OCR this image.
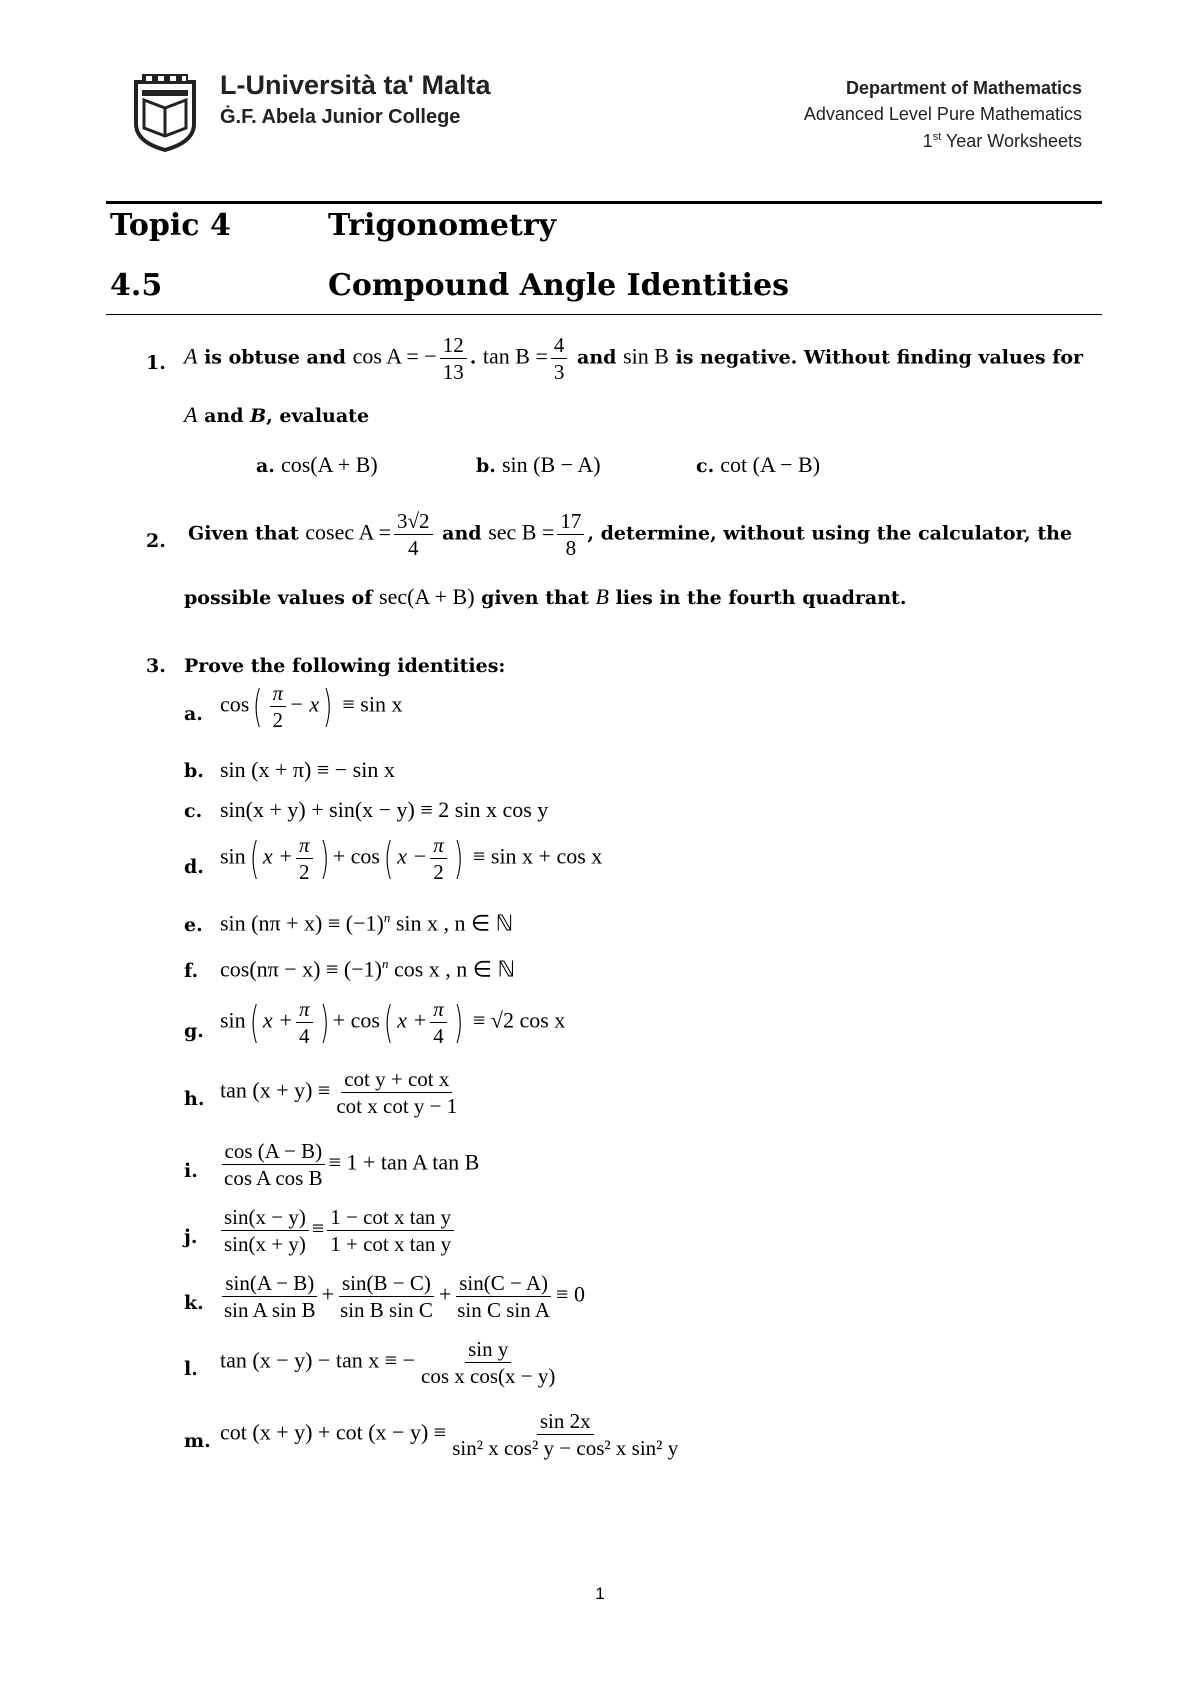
L-Università ta' Malta
Ġ.F. Abela Junior College
Department of Mathematics
Advanced Level Pure Mathematics
1st Year Worksheets
Topic 4	Trigonometry
4.5	Compound Angle Identities
1. A is obtuse and cos A = − $\frac{12}{13}$ . $\tan B = \frac{4}{3}$ and sin B is negative. Without finding values for
A and B, evaluate
a. cos(A + B)	b. sin (B − A)	c. cot (A − B)
2. Given that cosec $A = \frac{3√2}{4}$ and $\sec B = \frac{17}{8}$ , determine, without using the calculator, the
possible values of sec(A + B) given that B lies in the fourth quadrant.
3. Prove the following identities:
a. $\cos( \frac{\pi}{2} - x) \equiv \sin x$
b. sin (x + π) ≡ − sin x
c. sin(x + y) + sin(x − y) ≡ 2 sin x cos y
d. sin( $x + \frac{\pi}{2}$ ) + cos( $x - \frac{\pi}{2}$ ) ≡ sin x + cos x
e. $\sin (n\pi + x) \equiv (-1)^n$ sin x , n ∈ ℕ
f. $\cos(n\pi - x) \equiv (-1)^n$ cos x , n ∈ ℕ
g. sin( $x + \frac{\pi}{4}$ ) + cos( $x + \frac{\pi}{4}$ ) ≡ √2 cos x
h. $\tan (x + y) \equiv \frac{\text{cot y + cot x}}{\text{cot x cot y − 1}}$
i. $\frac{\cos (A - B)}{\text{cos A cos B}} \equiv 1 + \tan A$ tan B
j. $\frac{\sin(x - y)}{\sin(x + y)} \equiv \frac{\text{1 − cot x tan y}}{\text{1 + cot x tan y}}$
k. $\frac{\sin(A - B)}{\text{sin A sin B}} + \frac{\sin(B - C)}{\text{sin B sin C}} + \frac{\sin(C - A)}{\text{sin C sin A}} \equiv 0$
l. tan (x − y) − tan x ≡ − $\frac{\text{sin y}}{\text{cos x cos(x − y)}}$
m. $\cot (x + y) + \cot (x - y) \equiv \frac{\sin 2x}{\text{sin² x cos² y − cos² x sin² y}}$
1
